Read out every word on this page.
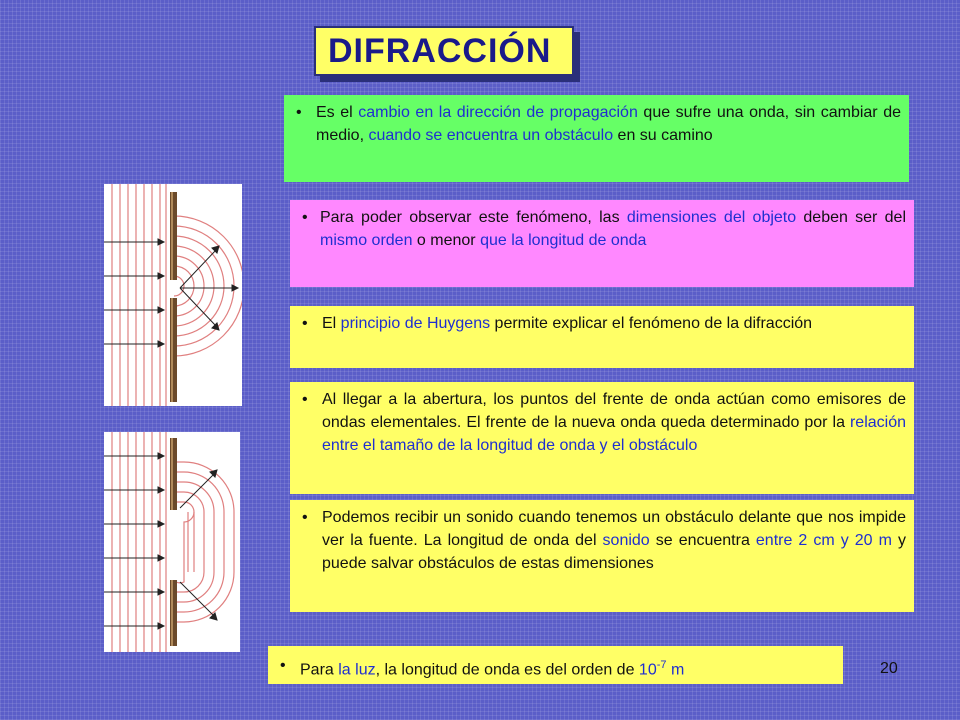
DIFRACCIÓN
• Es el cambio en la dirección de propagación que sufre una onda, sin cambiar de medio, cuando se encuentra un obstáculo en su camino

• Para poder observar este fenómeno, las dimensiones del objeto deben ser del mismo orden o menor que la longitud de onda

• El principio de Huygens permite explicar el fenómeno de la difracción

• Al llegar a la abertura, los puntos del frente de onda actúan como emisores de ondas elementales. El frente de la nueva onda queda determinado por la relación entre el tamaño de la longitud de onda y el obstáculo

• Podemos recibir un sonido cuando tenemos un obstáculo delante que nos impide ver la fuente. La longitud de onda del sonido se encuentra entre 2 cm y 20 m y puede salvar obstáculos de estas dimensiones

• Para la luz, la longitud de onda es del orden de $10^{-7}$ m	20
